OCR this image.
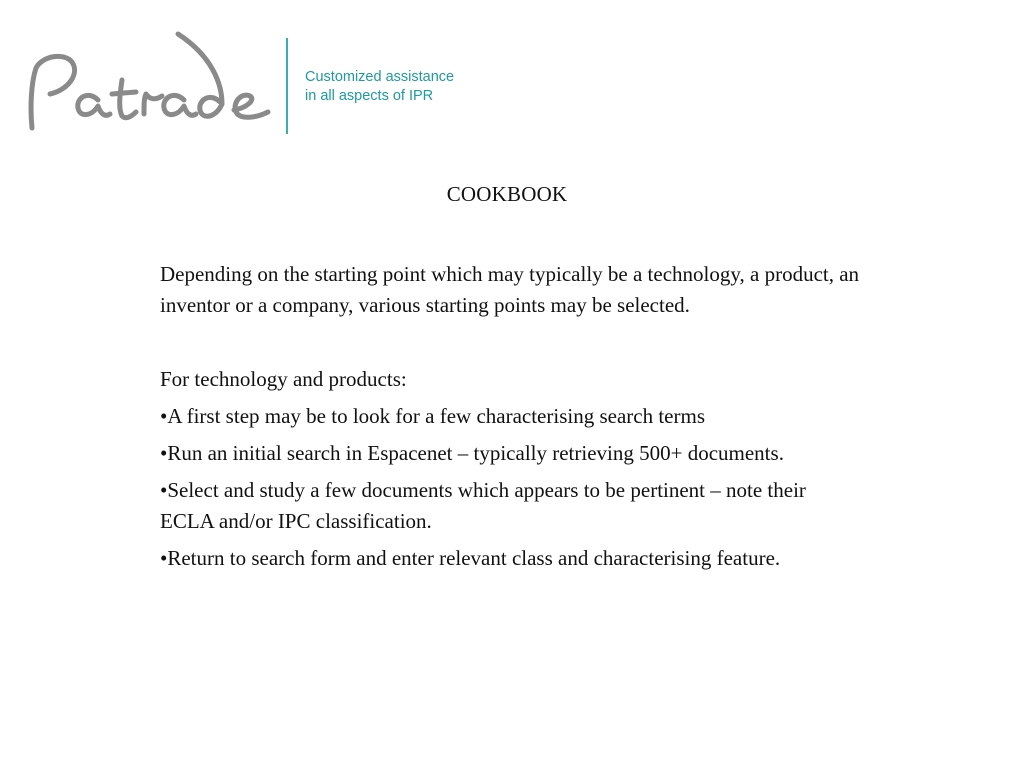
Customized assistance
in all aspects of IPR
COOKBOOK

Depending on the starting point which may typically be a technology, a product, an inventor or a company, various starting points may be selected.

For technology and products:

•A first step may be to look for a few characterising search terms

•Run an initial search in Espacenet – typically retrieving 500+ documents.

•Select and study a few documents which appears to be pertinent – note their ECLA and/or IPC classification.

•Return to search form and enter relevant class and characterising feature.
